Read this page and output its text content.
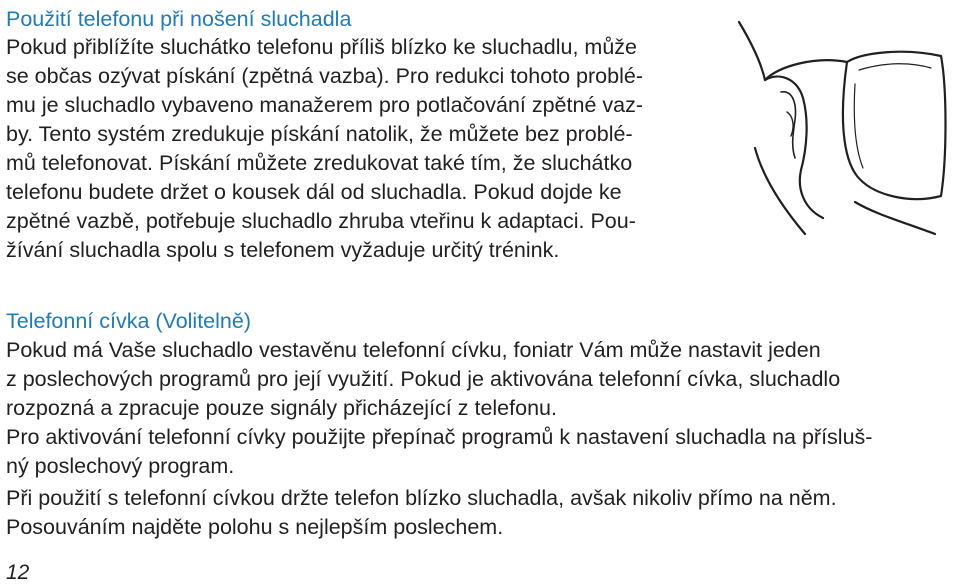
Použití telefonu při nošení sluchadla

Pokud přiblížíte sluchátko telefonu příliš blízko ke sluchadlu, může

se občas ozývat pískání (zpětná vazba). Pro redukci tohoto problé-

mu je sluchadlo vybaveno manažerem pro potlačování zpětné vaz-

by. Tento systém zredukuje pískání natolik, že můžete bez problé-

mů telefonovat. Pískání můžete zredukovat také tím, že sluchátko

telefonu budete držet o kousek dál od sluchadla. Pokud dojde ke

zpětné vazbě, potřebuje sluchadlo zhruba vteřinu k adaptaci. Pou-

žívání sluchadla spolu s telefonem vyžaduje určitý trénink.

Telefonní cívka (Volitelně)

Pokud má Vaše sluchadlo vestavěnu telefonní cívku, foniatr Vám může nastavit jeden

z poslechových programů pro její využití. Pokud je aktivována telefonní cívka, sluchadlo

rozpozná a zpracuje pouze signály přicházející z telefonu.

Pro aktivování telefonní cívky použijte přepínač programů k nastavení sluchadla na přísluš-

ný poslechový program.

Při použití s telefonní cívkou držte telefon blízko sluchadla, avšak nikoliv přímo na něm.

Posouváním najděte polohu s nejlepším poslechem.

12
